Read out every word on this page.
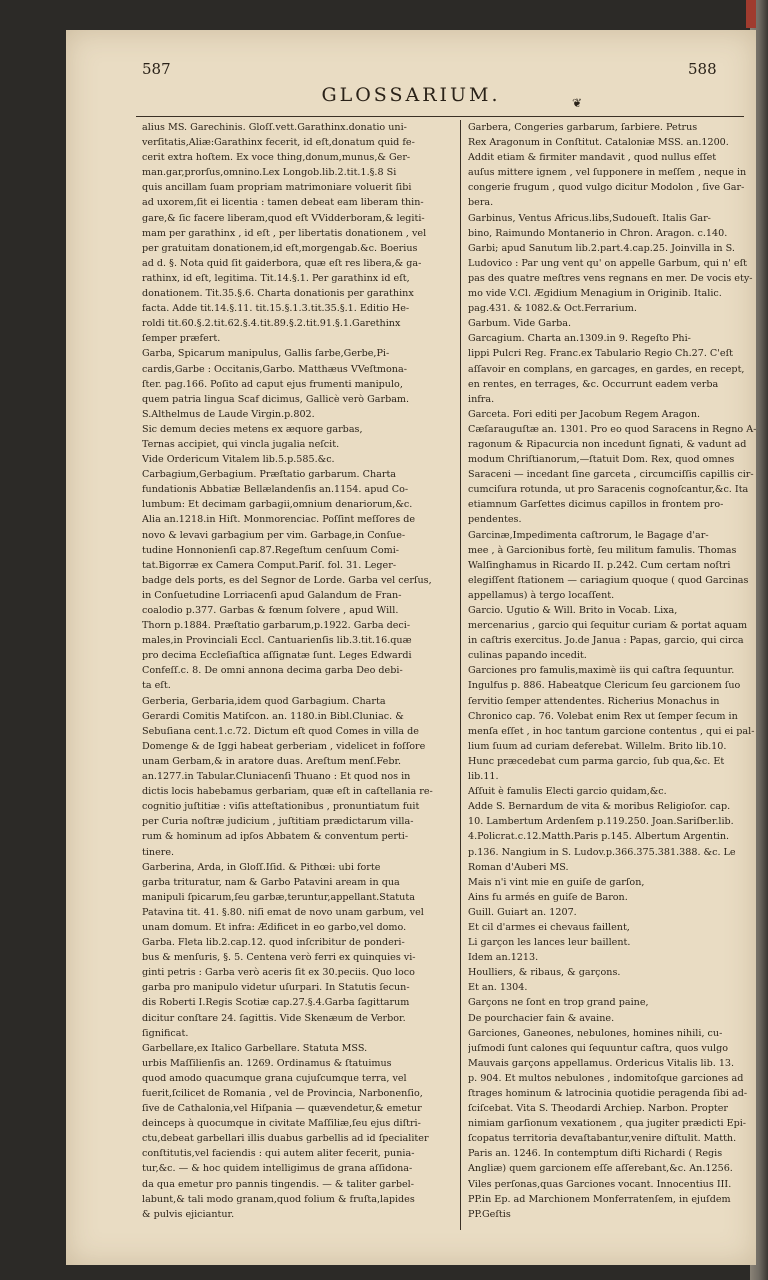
❦
587
GLOSSARIUM.
588

alius MS. Garechinis. Gloſſ.vett.Garathinx.donatio uni-

verſitatis,Aliæ:Garathinx fecerit, id eſt,donatum quid fe-

cerit extra hoſtem. Ex voce thing,donum,munus,& Ger-

man.gar,prorſus,omnino.Lex Longob.lib.2.tit.1.§.8 Si

quis ancillam ſuam propriam matrimoniare voluerit ſibi

ad uxorem,ſit ei licentia : tamen debeat eam liberam thin-

gare,& ſic facere liberam,quod eſt VVidderboram,& legiti-

mam per garathinx , id eſt , per libertatis donationem , vel

per gratuitam donationem,id eſt,morgengab.&c. Boerius

ad d. §. Nota quid ſit gaiderbora, quæ eſt res libera,& ga-

rathinx, id eſt, legitima. Tit.14.§.1. Per garathinx id eſt,

donationem. Tit.35.§.6. Charta donationis per garathinx

facta. Adde tit.14.§.11. tit.15.§.1.3.tit.35.§.1. Editio He-

roldi tit.60.§.2.tit.62.§.4.tit.89.§.2.tit.91.§.1.Garethinx

ſemper præfert.

Garba, Spicarum manipulus, Gallis ſarbe,Gerbe,Pi-

cardis,Garbe : Occitanis,Garbo. Matthæus VVeſtmona-

ſter. pag.166. Poſito ad caput ejus frumenti manipulo,

quem patria lingua Scaf dicimus, Gallicè verò Garbam.

S.Althelmus de Laude Virgin.p.802.

Sic demum decies metens ex æquore garbas,

Ternas accipiet, qui vincla jugalia neſcit.

Vide Ordericum Vitalem lib.5.p.585.&c.

Carbagium,Gerbagium. Præſtatio garbarum. Charta

fundationis Abbatiæ Bellælandenſis an.1154. apud Co-

lumbum: Et decimam garbagii,omnium denariorum,&c.

Alia an.1218.in Hiſt. Monmorenciac. Poſſint meſſores de

novo & levavi garbagium per vim. Garbage,in Conſue-

tudine Honnonienſi cap.87.Regeſtum cenſuum Comi-

tat.Bigorræ ex Camera Comput.Pariſ. fol. 31. Leger-

badge dels ports, es del Segnor de Lorde. Garba vel cerſus,

in Conſuetudine Lorriacenſi apud Galandum de Fran-

coalodio p.377. Garbas & fœnum ſolvere , apud Will.

Thorn p.1884. Præſtatio garbarum,p.1922. Garba deci-

males,in Provinciali Eccl. Cantuarienſis lib.3.tit.16.quæ

pro decima Eccleſiaſtica aſſignatæ ſunt. Leges Edwardi

Confeſſ.c. 8. De omni annona decima garba Deo debi-

ta eſt.

Gerberia, Gerbaria,idem quod Garbagium. Charta

Gerardi Comitis Matiſcon. an. 1180.in Bibl.Cluniac. &

Sebuſiana cent.1.c.72. Dictum eſt quod Comes in villa de

Domenge & de Iggi habeat gerberiam , videlicet in foſſore

unam Gerbam,& in aratore duas. Areſtum menſ.Febr.

an.1277.in Tabular.Cluniacenſi Thuano : Et quod nos in

dictis locis habebamus gerbariam, quæ eſt in caſtellania re-

cognitio juſtitiæ : viſis atteſtationibus , pronuntiatum fuit

per Curia noſtræ judicium , juſtitiam prædictarum villa-

rum & hominum ad ipſos Abbatem & conventum perti-

tinere.

Garberina, Arda, in Gloſſ.Iſid. & Pithœi: ubi forte

garba trituratur, nam & Garbo Patavini aream in qua

manipuli ſpicarum,ſeu garbæ,teruntur,appellant.Statuta

Patavina tit. 41. §.80. niſi emat de novo unam garbum, vel

unam domum. Et infra: Ædificet in eo garbo,vel domo.

Garba. Fleta lib.2.cap.12. quod inſcribitur de ponderi-

bus & menſuris, §. 5. Centena verò ferri ex quinquies vi-

ginti petris : Garba verò aceris ſit ex 30.peciis. Quo loco

garba pro manipulo videtur uſurpari. In Statutis ſecun-

dis Roberti I.Regis Scotiæ cap.27.§.4.Garba ſagittarum

dicitur conſtare 24. ſagittis. Vide Skenæum de Verbor.

ſignificat.

Garbellare,ex Italico Garbellare. Statuta MSS.

urbis Maſſilienſis an. 1269. Ordinamus & ſtatuimus

quod amodo quacumque grana cujuſcumque terra, vel

fuerit,ſcilicet de Romania , vel de Provincia, Narbonenſio,

ſive de Cathalonia,vel Hiſpania — quævendetur,& emetur

deinceps à quocumque in civitate Maſſiliæ,ſeu ejus diſtri-

ctu,debeat garbellari illis duabus garbellis ad id ſpecialiter

conſtitutis,vel faciendis : qui autem aliter fecerit, punia-

tur,&c. — & hoc quidem intelligimus de grana aſſidona-

da qua emetur pro pannis tingendis. — & taliter garbel-

labunt,& tali modo granam,quod folium & fruſta,lapides

& pulvis ejiciantur.

Garbera, Congeries garbarum, ſarbiere. Petrus

Rex Aragonum in Conſtitut. Cataloniæ MSS. an.1200.

Addit etiam & firmiter mandavit , quod nullus eſſet

auſus mittere ignem , vel ſupponere in meſſem , neque in

congerie frugum , quod vulgo dicitur Modolon , ſive Gar-

bera.

Garbinus, Ventus Africus.libs,Sudoueſt. Italis Gar-

bino, Raimundo Montanerio in Chron. Aragon. c.140.

Garbi; apud Sanutum lib.2.part.4.cap.25. Joinvilla in S.

Ludovico : Par ung vent qu' on appelle Garbum, qui n' eſt

pas des quatre meſtres vens regnans en mer. De vocis ety-

mo vide V.Cl. Ægidium Menagium in Originib. Italic.

pag.431. & 1082.& Oct.Ferrarium.

Garbum. Vide Garba.

Garcagium. Charta an.1309.in 9. Regeſto Phi-

lippi Pulcri Reg. Franc.ex Tabulario Regio Ch.27. C'eſt

aſſavoir en complans, en garcages, en gardes, en recept,

en rentes, en terrages, &c. Occurrunt eadem verba

infra.

Garceta. Fori editi per Jacobum Regem Aragon.

Cæſarauguſtæ an. 1301. Pro eo quod Saracens in Regno A-

ragonum & Ripacurcia non incedunt ſignati, & vadunt ad

modum Chriſtianorum,—ſtatuit Dom. Rex, quod omnes

Saraceni — incedant ſine garceta , circumciſſis capillis cir-

cumciſura rotunda, ut pro Saracenis cognoſcantur,&c. Ita

etiamnum Garſettes dicimus capillos in frontem pro-

pendentes.

Garcinæ,Impedimenta caſtrorum, le Bagage d'ar-

mee , à Garcionibus fortè, ſeu militum famulis. Thomas

Walſinghamus in Ricardo II. p.242. Cum certam noſtri

elegiſſent ſtationem — cariagium quoque ( quod Garcinas

appellamus) à tergo locaſſent.

Garcio. Ugutio & Will. Brito in Vocab. Lixa,

mercenarius , garcio qui ſequitur curiam & portat aquam

in caſtris exercitus. Jo.de Janua : Papas, garcio, qui circa

culinas papando incedit.

Garciones pro famulis,maximè iis qui caſtra ſequuntur.

Ingulfus p. 886. Habeatque Clericum ſeu garcionem ſuo

ſervitio ſemper attendentes. Richerius Monachus in

Chronico cap. 76. Volebat enim Rex ut ſemper ſecum in

menſa eſſet , in hoc tantum garcione contentus , qui ei pal-

lium ſuum ad curiam deferebat. Willelm. Brito lib.10.

Hunc præcedebat cum parma garcio, ſub qua,&c. Et

lib.11.

Aſſuit è famulis Electi garcio quidam,&c.

Adde S. Bernardum de vita & moribus Religioſor. cap.

10. Lambertum Ardenſem p.119.250. Joan.Sariſber.lib.

4.Policrat.c.12.Matth.Paris p.145. Albertum Argentin.

p.136. Nangium in S. Ludov.p.366.375.381.388. &c. Le

Roman d'Auberi MS.

Mais n'i vint mie en guiſe de garſon,

Ains fu armés en guiſe de Baron.

Guill. Guiart an. 1207.

Et cil d'armes ei chevaus faillent,

Li garçon les lances leur baillent.

Idem an.1213.

Houlliers, & ribaus, & garçons.

Et an. 1304.

Garçons ne ſont en trop grand paine,

De pourchacier fain & avaine.

Garciones, Ganeones, nebulones, homines nihili, cu-

juſmodi ſunt calones qui ſequuntur caſtra, quos vulgo

Mauvais garçons appellamus. Ordericus Vitalis lib. 13.

p. 904. Et multos nebulones , indomitoſque garciones ad

ſtrages hominum & latrocinia quotidie peragenda ſibi ad-

ſciſcebat. Vita S. Theodardi Archiep. Narbon. Propter

nimiam garſionum vexationem , qua jugiter prædicti Epi-

ſcopatus territoria devaſtabantur,venire diſtulit. Matth.

Paris an. 1246. In contemptum diſti Richardi ( Regis

Angliæ) quem garcionem eſſe aſſerebant,&c. An.1256.

Viles perſonas,quas Garciones vocant. Innocentius III.

PP.in Ep. ad Marchionem Monferratenſem, in ejuſdem

PP.Geſtis
